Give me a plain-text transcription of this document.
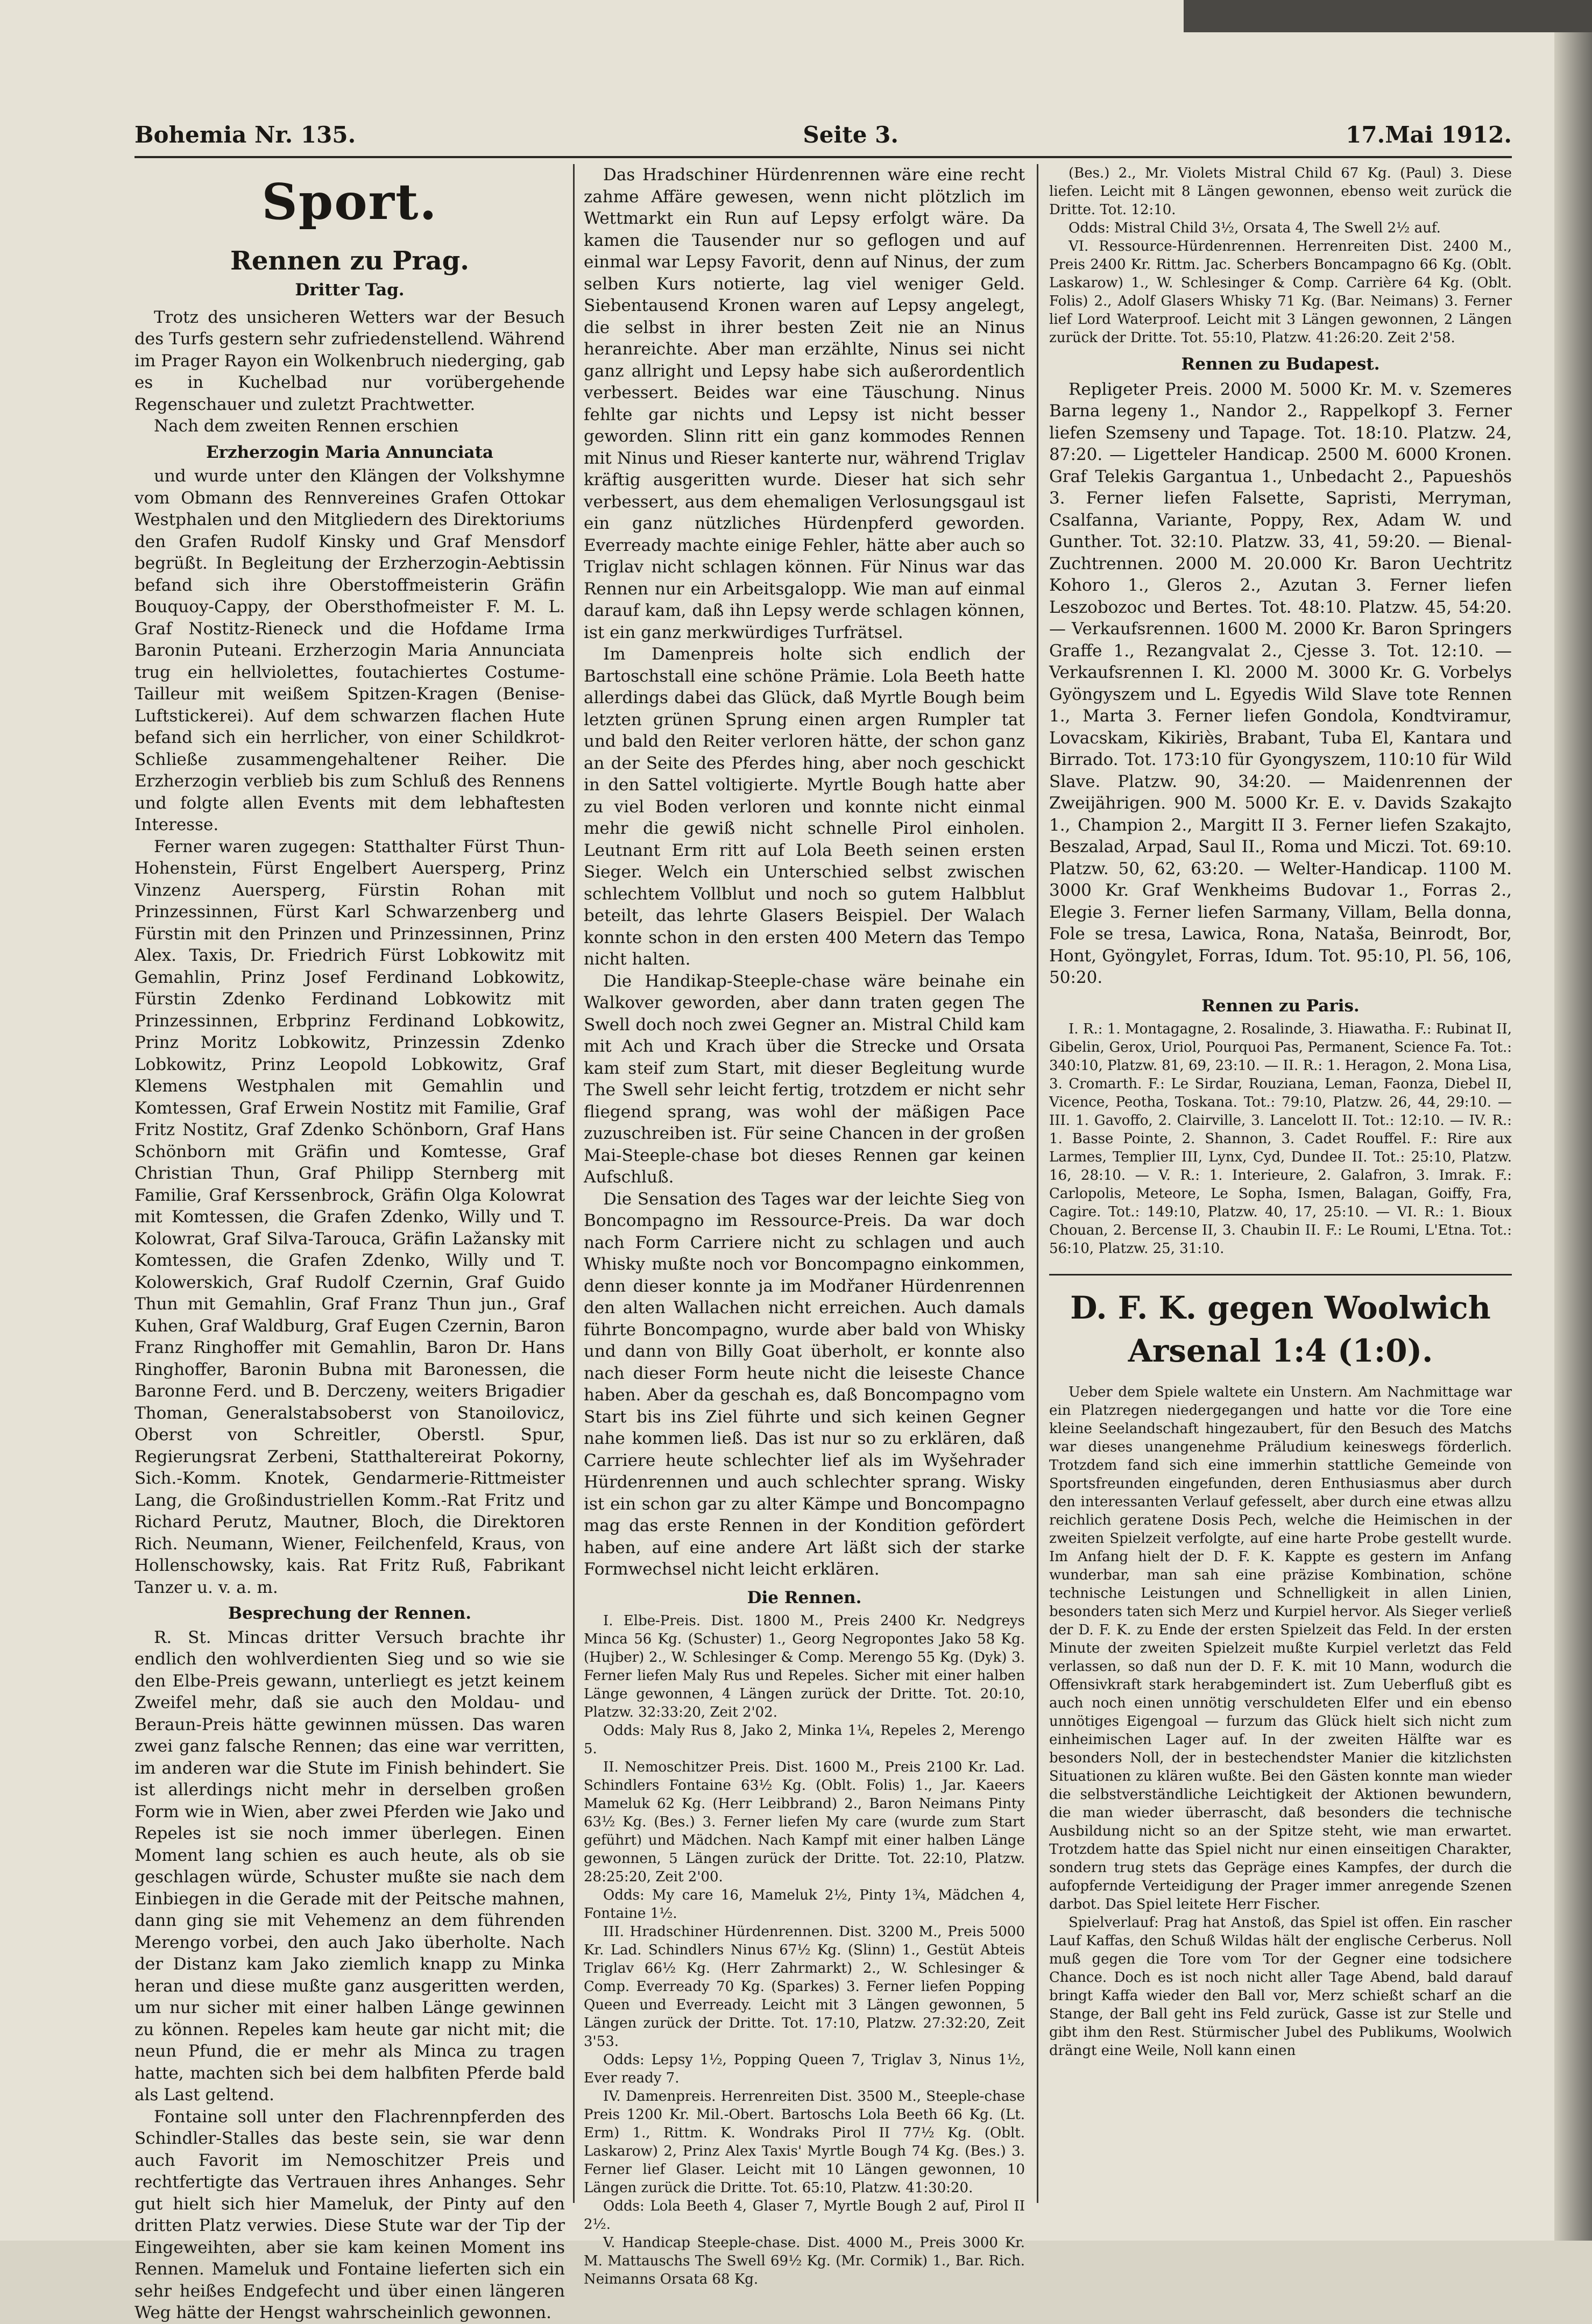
Bohemia Nr. 135.	Seite 3.	17.Mai 1912.
Sport.
Rennen zu Prag.
Dritter Tag.

Trotz des unsicheren Wetters war der Besuch des Turfs gestern sehr zufriedenstellend. Während im Prager Rayon ein Wolkenbruch niederging, gab es in Kuchelbad nur vorübergehende Regenschauer und zuletzt Prachtwetter.

Nach dem zweiten Rennen erschien

Erzherzogin Maria Annunciata

und wurde unter den Klängen der Volkshymne vom Obmann des Rennvereines Grafen Ottokar Westphalen und den Mitgliedern des Direktoriums den Grafen Rudolf Kinsky und Graf Mensdorf begrüßt. In Begleitung der Erzherzogin-Aebtissin befand sich ihre Oberstoffmeisterin Gräfin Bouquoy-Cappy, der Obersthofmeister F. M. L. Graf Nostitz-Rieneck und die Hofdame Irma Baronin Puteani. Erzherzogin Maria Annunciata trug ein hellviolettes, foutachiertes Costume-Tailleur mit weißem Spitzen-Kragen (Benise-Luftstickerei). Auf dem schwarzen flachen Hute befand sich ein herrlicher, von einer Schildkrot-Schließe zusammengehaltener Reiher. Die Erzherzogin verblieb bis zum Schluß des Rennens und folgte allen Events mit dem lebhaftesten Interesse.

Ferner waren zugegen: Statthalter Fürst Thun-Hohenstein, Fürst Engelbert Auersperg, Prinz Vinzenz Auersperg, Fürstin Rohan mit Prinzessinnen, Fürst Karl Schwarzenberg und Fürstin mit den Prinzen und Prinzessinnen, Prinz Alex. Taxis, Dr. Friedrich Fürst Lobkowitz mit Gemahlin, Prinz Josef Ferdinand Lobkowitz, Fürstin Zdenko Ferdinand Lobkowitz mit Prinzessinnen, Erbprinz Ferdinand Lobkowitz, Prinz Moritz Lobkowitz, Prinzessin Zdenko Lobkowitz, Prinz Leopold Lobkowitz, Graf Klemens Westphalen mit Gemahlin und Komtessen, Graf Erwein Nostitz mit Familie, Graf Fritz Nostitz, Graf Zdenko Schönborn, Graf Hans Schönborn mit Gräfin und Komtesse, Graf Christian Thun, Graf Philipp Sternberg mit Familie, Graf Kerssenbrock, Gräfin Olga Kolowrat mit Komtessen, die Grafen Zdenko, Willy und T. Kolowrat, Graf Silva-Tarouca, Gräfin Lažansky mit Komtessen, die Grafen Zdenko, Willy und T. Kolowerskich, Graf Rudolf Czernin, Graf Guido Thun mit Gemahlin, Graf Franz Thun jun., Graf Kuhen, Graf Waldburg, Graf Eugen Czernin, Baron Franz Ringhoffer mit Gemahlin, Baron Dr. Hans Ringhoffer, Baronin Bubna mit Baronessen, die Baronne Ferd. und B. Derczeny, weiters Brigadier Thoman, Generalstabsoberst von Stanoilovicz, Oberst von Schreitler, Oberstl. Spur, Regierungsrat Zerbeni, Statthaltereirat Pokorny, Sich.-Komm. Knotek, Gendarmerie-Rittmeister Lang, die Großindustriellen Komm.-Rat Fritz und Richard Perutz, Mautner, Bloch, die Direktoren Rich. Neumann, Wiener, Feilchenfeld, Kraus, von Hollenschowsky, kais. Rat Fritz Ruß, Fabrikant Tanzer u. v. a. m.

Besprechung der Rennen.

R. St. Mincas dritter Versuch brachte ihr endlich den wohlverdienten Sieg und so wie sie den Elbe-Preis gewann, unterliegt es jetzt keinem Zweifel mehr, daß sie auch den Moldau- und Beraun-Preis hätte gewinnen müssen. Das waren zwei ganz falsche Rennen; das eine war verritten, im anderen war die Stute im Finish behindert. Sie ist allerdings nicht mehr in derselben großen Form wie in Wien, aber zwei Pferden wie Jako und Repeles ist sie noch immer überlegen. Einen Moment lang schien es auch heute, als ob sie geschlagen würde, Schuster mußte sie nach dem Einbiegen in die Gerade mit der Peitsche mahnen, dann ging sie mit Vehemenz an dem führenden Merengo vorbei, den auch Jako überholte. Nach der Distanz kam Jako ziemlich knapp zu Minka heran und diese mußte ganz ausgeritten werden, um nur sicher mit einer halben Länge gewinnen zu können. Repeles kam heute gar nicht mit; die neun Pfund, die er mehr als Minca zu tragen hatte, machten sich bei dem halbfiten Pferde bald als Last geltend.

Fontaine soll unter den Flachrennpferden des Schindler-Stalles das beste sein, sie war denn auch Favorit im Nemoschitzer Preis und rechtfertigte das Vertrauen ihres Anhanges. Sehr gut hielt sich hier Mameluk, der Pinty auf den dritten Platz verwies. Diese Stute war der Tip der Eingeweihten, aber sie kam keinen Moment ins Rennen. Mameluk und Fontaine lieferten sich ein sehr heißes Endgefecht und über einen längeren Weg hätte der Hengst wahrscheinlich gewonnen.

Das Hradschiner Hürdenrennen wäre eine recht zahme Affäre gewesen, wenn nicht plötzlich im Wettmarkt ein Run auf Lepsy erfolgt wäre. Da kamen die Tausender nur so geflogen und auf einmal war Lepsy Favorit, denn auf Ninus, der zum selben Kurs notierte, lag viel weniger Geld. Siebentausend Kronen waren auf Lepsy angelegt, die selbst in ihrer besten Zeit nie an Ninus heranreichte. Aber man erzählte, Ninus sei nicht ganz allright und Lepsy habe sich außerordentlich verbessert. Beides war eine Täuschung. Ninus fehlte gar nichts und Lepsy ist nicht besser geworden. Slinn ritt ein ganz kommodes Rennen mit Ninus und Rieser kanterte nur, während Triglav kräftig ausgeritten wurde. Dieser hat sich sehr verbessert, aus dem ehemaligen Verlosungsgaul ist ein ganz nützliches Hürdenpferd geworden. Everready machte einige Fehler, hätte aber auch so Triglav nicht schlagen können. Für Ninus war das Rennen nur ein Arbeitsgalopp. Wie man auf einmal darauf kam, daß ihn Lepsy werde schlagen können, ist ein ganz merkwürdiges Turfrätsel.

Im Damenpreis holte sich endlich der Bartoschstall eine schöne Prämie. Lola Beeth hatte allerdings dabei das Glück, daß Myrtle Bough beim letzten grünen Sprung einen argen Rumpler tat und bald den Reiter verloren hätte, der schon ganz an der Seite des Pferdes hing, aber noch geschickt in den Sattel voltigierte. Myrtle Bough hatte aber zu viel Boden verloren und konnte nicht einmal mehr die gewiß nicht schnelle Pirol einholen. Leutnant Erm ritt auf Lola Beeth seinen ersten Sieger. Welch ein Unterschied selbst zwischen schlechtem Vollblut und noch so gutem Halbblut beteilt, das lehrte Glasers Beispiel. Der Walach konnte schon in den ersten 400 Metern das Tempo nicht halten.

Die Handikap-Steeple-chase wäre beinahe ein Walkover geworden, aber dann traten gegen The Swell doch noch zwei Gegner an. Mistral Child kam mit Ach und Krach über die Strecke und Orsata kam steif zum Start, mit dieser Begleitung wurde The Swell sehr leicht fertig, trotzdem er nicht sehr fliegend sprang, was wohl der mäßigen Pace zuzuschreiben ist. Für seine Chancen in der großen Mai-Steeple-chase bot dieses Rennen gar keinen Aufschluß.

Die Sensation des Tages war der leichte Sieg von Boncompagno im Ressource-Preis. Da war doch nach Form Carriere nicht zu schlagen und auch Whisky mußte noch vor Boncompagno einkommen, denn dieser konnte ja im Modřaner Hürdenrennen den alten Wallachen nicht erreichen. Auch damals führte Boncompagno, wurde aber bald von Whisky und dann von Billy Goat überholt, er konnte also nach dieser Form heute nicht die leiseste Chance haben. Aber da geschah es, daß Boncompagno vom Start bis ins Ziel führte und sich keinen Gegner nahe kommen ließ. Das ist nur so zu erklären, daß Carriere heute schlechter lief als im Wyšehrader Hürdenrennen und auch schlechter sprang. Wisky ist ein schon gar zu alter Kämpe und Boncompagno mag das erste Rennen in der Kondition gefördert haben, auf eine andere Art läßt sich der starke Formwechsel nicht leicht erklären.

Die Rennen.

I. Elbe-Preis. Dist. 1800 M., Preis 2400 Kr. Nedgreys Minca 56 Kg. (Schuster) 1., Georg Negropontes Jako 58 Kg. (Hujber) 2., W. Schlesinger & Comp. Merengo 55 Kg. (Dyk) 3. Ferner liefen Maly Rus und Repeles. Sicher mit einer halben Länge gewonnen, 4 Längen zurück der Dritte. Tot. 20:10, Platzw. 32:33:20, Zeit 2'02.

Odds: Maly Rus 8, Jako 2, Minka 1¼, Repeles 2, Merengo 5.

II. Nemoschitzer Preis. Dist. 1600 M., Preis 2100 Kr. Lad. Schindlers Fontaine 63½ Kg. (Oblt. Folis) 1., Jar. Kaeers Mameluk 62 Kg. (Herr Leibbrand) 2., Baron Neimans Pinty 63½ Kg. (Bes.) 3. Ferner liefen My care (wurde zum Start geführt) und Mädchen. Nach Kampf mit einer halben Länge gewonnen, 5 Längen zurück der Dritte. Tot. 22:10, Platzw. 28:25:20, Zeit 2'00.

Odds: My care 16, Mameluk 2½, Pinty 1¾, Mädchen 4, Fontaine 1½.

III. Hradschiner Hürdenrennen. Dist. 3200 M., Preis 5000 Kr. Lad. Schindlers Ninus 67½ Kg. (Slinn) 1., Gestüt Abteis Triglav 66½ Kg. (Herr Zahrmarkt) 2., W. Schlesinger & Comp. Everready 70 Kg. (Sparkes) 3. Ferner liefen Popping Queen und Everready. Leicht mit 3 Längen gewonnen, 5 Längen zurück der Dritte. Tot. 17:10, Platzw. 27:32:20, Zeit 3'53.

Odds: Lepsy 1½, Popping Queen 7, Triglav 3, Ninus 1½, Ever ready 7.

IV. Damenpreis. Herrenreiten Dist. 3500 M., Steeple-chase Preis 1200 Kr. Mil.-Obert. Bartoschs Lola Beeth 66 Kg. (Lt. Erm) 1., Rittm. K. Wondraks Pirol II 77½ Kg. (Oblt. Laskarow) 2, Prinz Alex Taxis' Myrtle Bough 74 Kg. (Bes.) 3. Ferner lief Glaser. Leicht mit 10 Längen gewonnen, 10 Längen zurück die Dritte. Tot. 65:10, Platzw. 41:30:20.

Odds: Lola Beeth 4, Glaser 7, Myrtle Bough 2 auf, Pirol II 2½.

V. Handicap Steeple-chase. Dist. 4000 M., Preis 3000 Kr. M. Mattauschs The Swell 69½ Kg. (Mr. Cormik) 1., Bar. Rich. Neimanns Orsata 68 Kg.

(Bes.) 2., Mr. Violets Mistral Child 67 Kg. (Paul) 3. Diese liefen. Leicht mit 8 Längen gewonnen, ebenso weit zurück die Dritte. Tot. 12:10.

Odds: Mistral Child 3½, Orsata 4, The Swell 2½ auf.

VI. Ressource-Hürdenrennen. Herrenreiten Dist. 2400 M., Preis 2400 Kr. Rittm. Jac. Scherbers Boncampagno 66 Kg. (Oblt. Laskarow) 1., W. Schlesinger & Comp. Carrière 64 Kg. (Oblt. Folis) 2., Adolf Glasers Whisky 71 Kg. (Bar. Neimans) 3. Ferner lief Lord Waterproof. Leicht mit 3 Längen gewonnen, 2 Längen zurück der Dritte. Tot. 55:10, Platzw. 41:26:20. Zeit 2'58.

Rennen zu Budapest.

Repligeter Preis. 2000 M. 5000 Kr. M. v. Szemeres Barna legeny 1., Nandor 2., Rappelkopf 3. Ferner liefen Szemseny und Tapage. Tot. 18:10. Platzw. 24, 87:20. — Ligetteler Handicap. 2500 M. 6000 Kronen. Graf Telekis Gargantua 1., Unbedacht 2., Papueshös 3. Ferner liefen Falsette, Sapristi, Merryman, Csalfanna, Variante, Poppy, Rex, Adam W. und Gunther. Tot. 32:10. Platzw. 33, 41, 59:20. — Bienal-Zuchtrennen. 2000 M. 20.000 Kr. Baron Uechtritz Kohoro 1., Gleros 2., Azutan 3. Ferner liefen Leszobozoc und Bertes. Tot. 48:10. Platzw. 45, 54:20. — Verkaufsrennen. 1600 M. 2000 Kr. Baron Springers Graffe 1., Rezangvalat 2., Cjesse 3. Tot. 12:10. — Verkaufsrennen I. Kl. 2000 M. 3000 Kr. G. Vorbelys Gyöngyszem und L. Egyedis Wild Slave tote Rennen 1., Marta 3. Ferner liefen Gondola, Kondtviramur, Lovacskam, Kikiriès, Brabant, Tuba El, Kantara und Birrado. Tot. 173:10 für Gyongyszem, 110:10 für Wild Slave. Platzw. 90, 34:20. — Maidenrennen der Zweijährigen. 900 M. 5000 Kr. E. v. Davids Szakajto 1., Champion 2., Margitt II 3. Ferner liefen Szakajto, Beszalad, Arpad, Saul II., Roma und Miczi. Tot. 69:10. Platzw. 50, 62, 63:20. — Welter-Handicap. 1100 M. 3000 Kr. Graf Wenkheims Budovar 1., Forras 2., Elegie 3. Ferner liefen Sarmany, Villam, Bella donna, Fole se tresa, Lawica, Rona, Nataša, Beinrodt, Bor, Hont, Gyöngylet, Forras, Idum. Tot. 95:10, Pl. 56, 106, 50:20.

Rennen zu Paris.

I. R.: 1. Montagagne, 2. Rosalinde, 3. Hiawatha. F.: Rubinat II, Gibelin, Gerox, Uriol, Pourquoi Pas, Permanent, Science Fa. Tot.: 340:10, Platzw. 81, 69, 23:10. — II. R.: 1. Heragon, 2. Mona Lisa, 3. Cromarth. F.: Le Sirdar, Rouziana, Leman, Faonza, Diebel II, Vicence, Peotha, Toskana. Tot.: 79:10, Platzw. 26, 44, 29:10. — III. 1. Gavoffo, 2. Clairville, 3. Lancelott II. Tot.: 12:10. — IV. R.: 1. Basse Pointe, 2. Shannon, 3. Cadet Rouffel. F.: Rire aux Larmes, Templier III, Lynx, Cyd, Dundee II. Tot.: 25:10, Platzw. 16, 28:10. — V. R.: 1. Interieure, 2. Galafron, 3. Imrak. F.: Carlopolis, Meteore, Le Sopha, Ismen, Balagan, Goiffy, Fra, Cagire. Tot.: 149:10, Platzw. 40, 17, 25:10. — VI. R.: 1. Bioux Chouan, 2. Bercense II, 3. Chaubin II. F.: Le Roumi, L'Etna. Tot.: 56:10, Platzw. 25, 31:10.

D. F. K. gegen Woolwich Arsenal 1:4 (1:0).

Ueber dem Spiele waltete ein Unstern. Am Nachmittage war ein Platzregen niedergegangen und hatte vor die Tore eine kleine Seelandschaft hingezaubert, für den Besuch des Matchs war dieses unangenehme Präludium keineswegs förderlich. Trotzdem fand sich eine immerhin stattliche Gemeinde von Sportsfreunden eingefunden, deren Enthusiasmus aber durch den interessanten Verlauf gefesselt, aber durch eine etwas allzu reichlich geratene Dosis Pech, welche die Heimischen in der zweiten Spielzeit verfolgte, auf eine harte Probe gestellt wurde. Im Anfang hielt der D. F. K. Kappte es gestern im Anfang wunderbar, man sah eine präzise Kombination, schöne technische Leistungen und Schnelligkeit in allen Linien, besonders taten sich Merz und Kurpiel hervor. Als Sieger verließ der D. F. K. zu Ende der ersten Spielzeit das Feld. In der ersten Minute der zweiten Spielzeit mußte Kurpiel verletzt das Feld verlassen, so daß nun der D. F. K. mit 10 Mann, wodurch die Offensivkraft stark herabgemindert ist. Zum Ueberfluß gibt es auch noch einen unnötig verschuldeten Elfer und ein ebenso unnötiges Eigengoal — furzum das Glück hielt sich nicht zum einheimischen Lager auf. In der zweiten Hälfte war es besonders Noll, der in bestechendster Manier die kitzlichsten Situationen zu klären wußte. Bei den Gästen konnte man wieder die selbstverständliche Leichtigkeit der Aktionen bewundern, die man wieder überrascht, daß besonders die technische Ausbildung nicht so an der Spitze steht, wie man erwartet. Trotzdem hatte das Spiel nicht nur einen einseitigen Charakter, sondern trug stets das Gepräge eines Kampfes, der durch die aufopfernde Verteidigung der Prager immer anregende Szenen darbot. Das Spiel leitete Herr Fischer.

Spielverlauf: Prag hat Anstoß, das Spiel ist offen. Ein rascher Lauf Kaffas, den Schuß Wildas hält der englische Cerberus. Noll muß gegen die Tore vom Tor der Gegner eine todsichere Chance. Doch es ist noch nicht aller Tage Abend, bald darauf bringt Kaffa wieder den Ball vor, Merz schießt scharf an die Stange, der Ball geht ins Feld zurück, Gasse ist zur Stelle und gibt ihm den Rest. Stürmischer Jubel des Publikums, Woolwich drängt eine Weile, Noll kann einen
